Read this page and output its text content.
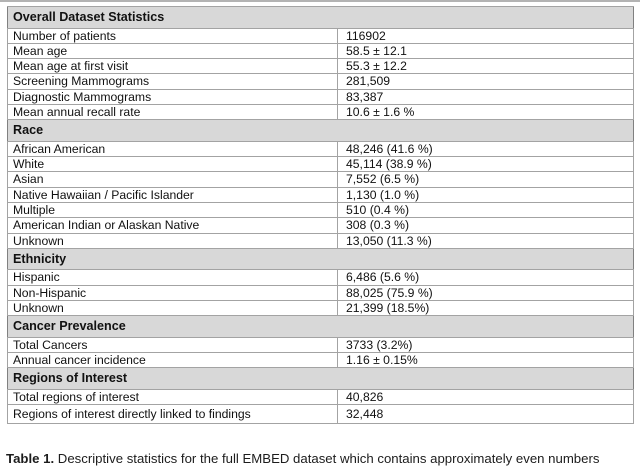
Overall Dataset Statistics	
Number of patients	116902
Mean age	58.5 ± 12.1
Mean age at first visit	55.3 ± 12.2
Screening Mammograms	281,509
Diagnostic Mammograms	83,387
Mean annual recall rate	10.6 ± 1.6 %
Race	
African American	48,246 (41.6 %)
White	45,114 (38.9 %)
Asian	7,552 (6.5 %)
Native Hawaiian / Pacific Islander	1,130 (1.0 %)
Multiple	510 (0.4 %)
American Indian or Alaskan Native	308 (0.3 %)
Unknown	13,050 (11.3 %)
Ethnicity	
Hispanic	6,486 (5.6 %)
Non-Hispanic	88,025 (75.9 %)
Unknown	21,399 (18.5%)
Cancer Prevalence	
Total Cancers	3733 (3.2%)
Annual cancer incidence	1.16 ± 0.15%
Regions of Interest	
Total regions of interest	40,826
Regions of interest directly linked to findings	32,448
Table 1. Descriptive statistics for the full EMBED dataset which contains approximately even numbers
